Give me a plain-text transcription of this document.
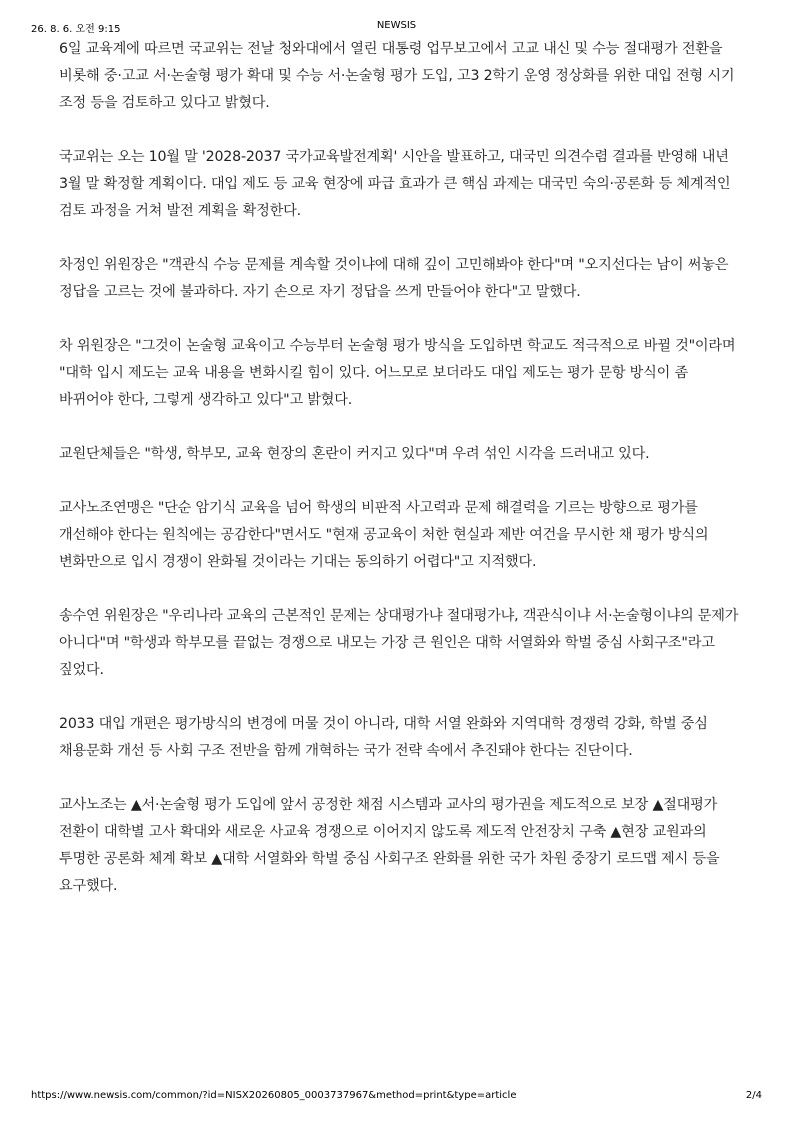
26. 8. 6. 오전 9:15	NEWSIS

6일 교육계에 따르면 국교위는 전날 청와대에서 열린 대통령 업무보고에서 고교 내신 및 수능 절대평가 전환을 비롯해 중·고교 서·논술형 평가 확대 및 수능 서·논술형 평가 도입, 고3 2학기 운영 정상화를 위한 대입 전형 시기 조정 등을 검토하고 있다고 밝혔다.

국교위는 오는 10월 말 '2028-2037 국가교육발전계획' 시안을 발표하고, 대국민 의견수렴 결과를 반영해 내년 3월 말 확정할 계획이다. 대입 제도 등 교육 현장에 파급 효과가 큰 핵심 과제는 대국민 숙의·공론화 등 체계적인 검토 과정을 거쳐 발전 계획을 확정한다.

차정인 위원장은 "객관식 수능 문제를 계속할 것이냐에 대해 깊이 고민해봐야 한다"며 "오지선다는 남이 써놓은 정답을 고르는 것에 불과하다. 자기 손으로 자기 정답을 쓰게 만들어야 한다"고 말했다.

차 위원장은 "그것이 논술형 교육이고 수능부터 논술형 평가 방식을 도입하면 학교도 적극적으로 바뀔 것"이라며 "대학 입시 제도는 교육 내용을 변화시킬 힘이 있다. 어느모로 보더라도 대입 제도는 평가 문항 방식이 좀 바뀌어야 한다, 그렇게 생각하고 있다"고 밝혔다.

교원단체들은 "학생, 학부모, 교육 현장의 혼란이 커지고 있다"며 우려 섞인 시각을 드러내고 있다.

교사노조연맹은 "단순 암기식 교육을 넘어 학생의 비판적 사고력과 문제 해결력을 기르는 방향으로 평가를 개선해야 한다는 원칙에는 공감한다"면서도 "현재 공교육이 처한 현실과 제반 여건을 무시한 채 평가 방식의 변화만으로 입시 경쟁이 완화될 것이라는 기대는 동의하기 어렵다"고 지적했다.

송수연 위원장은 "우리나라 교육의 근본적인 문제는 상대평가냐 절대평가냐, 객관식이냐 서·논술형이냐의 문제가 아니다"며 "학생과 학부모를 끝없는 경쟁으로 내모는 가장 큰 원인은 대학 서열화와 학벌 중심 사회구조"라고 짚었다.

2033 대입 개편은 평가방식의 변경에 머물 것이 아니라, 대학 서열 완화와 지역대학 경쟁력 강화, 학벌 중심 채용문화 개선 등 사회 구조 전반을 함께 개혁하는 국가 전략 속에서 추진돼야 한다는 진단이다.

교사노조는 ▲서·논술형 평가 도입에 앞서 공정한 채점 시스템과 교사의 평가권을 제도적으로 보장 ▲절대평가 전환이 대학별 고사 확대와 새로운 사교육 경쟁으로 이어지지 않도록 제도적 안전장치 구축 ▲현장 교원과의 투명한 공론화 체계 확보 ▲대학 서열화와 학벌 중심 사회구조 완화를 위한 국가 차원 중장기 로드맵 제시 등을 요구했다.

https://www.newsis.com/common/?id=NISX20260805_0003737967&method=print&type=article	2/4
